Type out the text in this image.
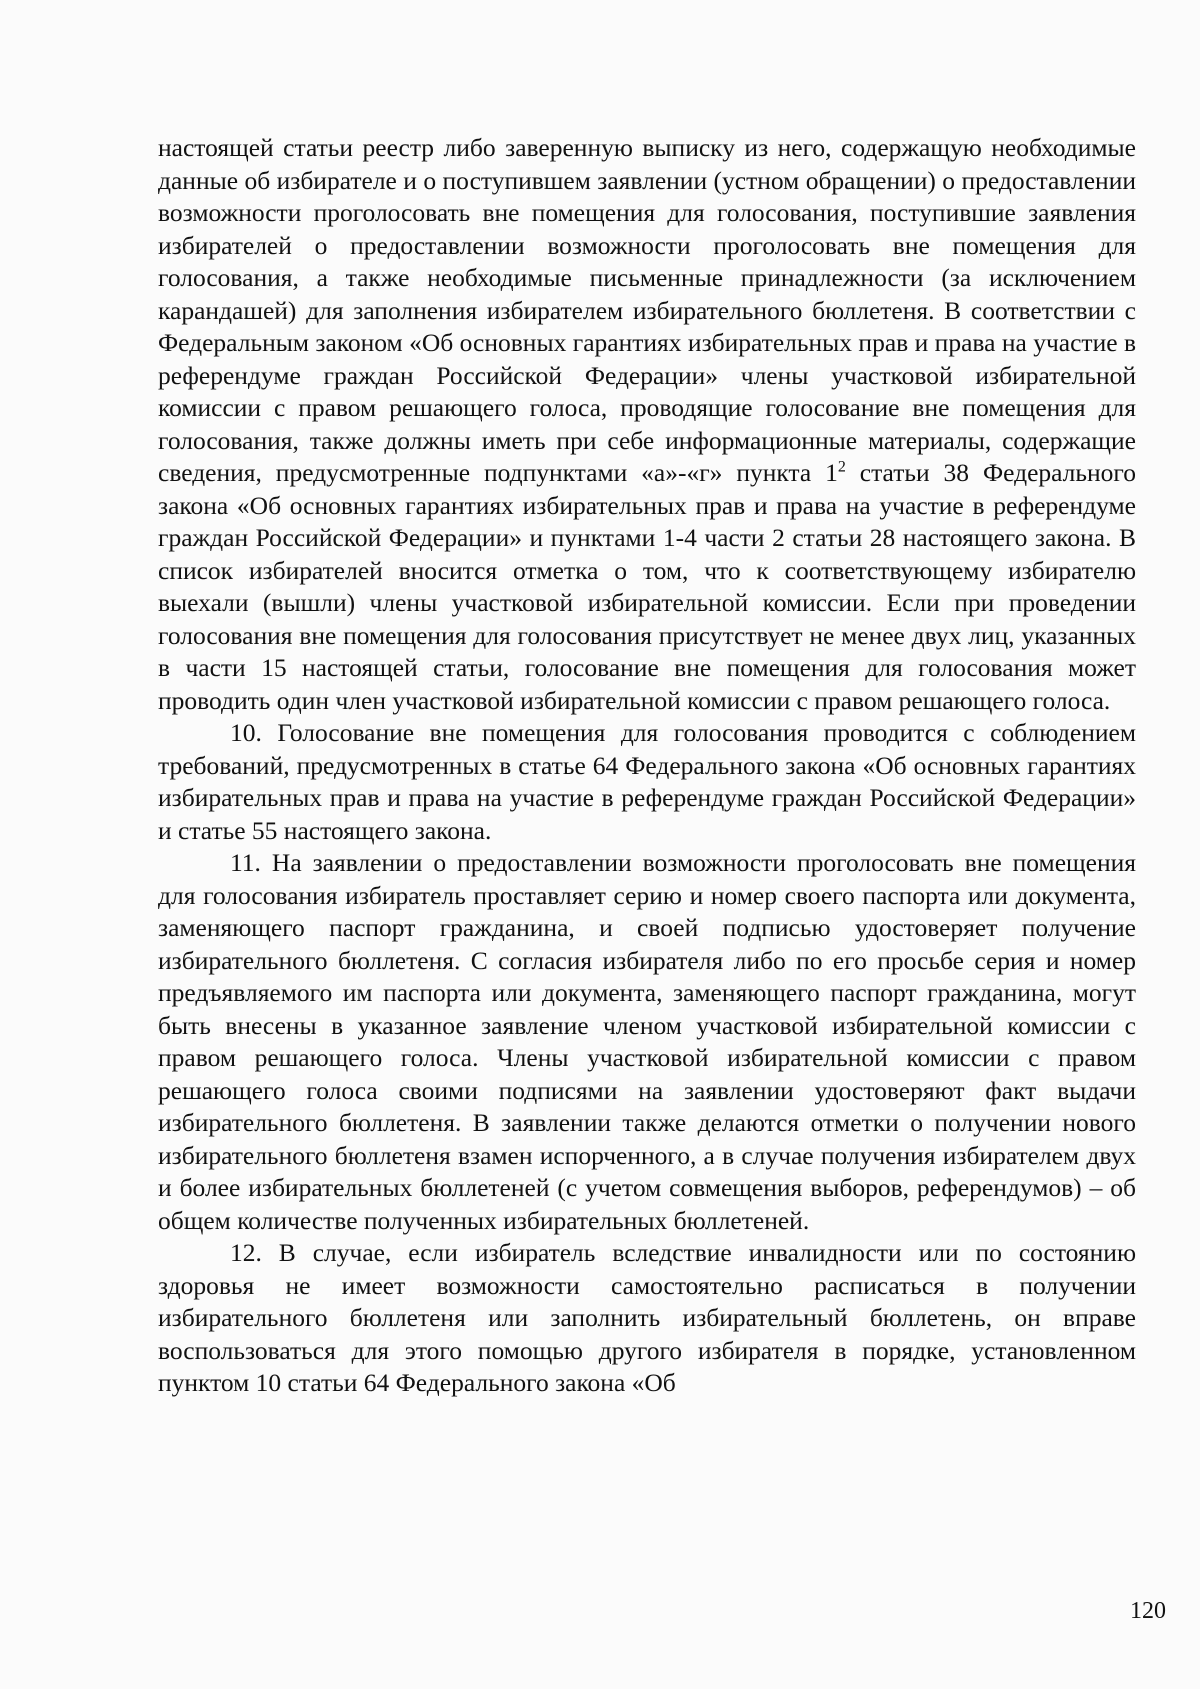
настоящей статьи реестр либо заверенную выписку из него, содержащую необходимые данные об избирателе и о поступившем заявлении (устном обращении) о предоставлении возможности проголосовать вне помещения для голосования, поступившие заявления избирателей о предоставлении возможности проголосовать вне помещения для голосования, а также необходимые письменные принадлежности (за исключением карандашей) для заполнения избирателем избирательного бюллетеня. В соответствии с Федеральным законом «Об основных гарантиях избирательных прав и права на участие в референдуме граждан Российской Федерации» члены участковой избирательной комиссии с правом решающего голоса, проводящие голосование вне помещения для голосования, также должны иметь при себе информационные материалы, содержащие сведения, предусмотренные подпунктами «а»-«г» пункта $1^2$ статьи 38 Федерального закона «Об основных гарантиях избирательных прав и права на участие в референдуме граждан Российской Федерации» и пунктами 1-4 части 2 статьи 28 настоящего закона. В список избирателей вносится отметка о том, что к соответствующему избирателю выехали (вышли) члены участковой избирательной комиссии. Если при проведении голосования вне помещения для голосования присутствует не менее двух лиц, указанных в части 15 настоящей статьи, голосование вне помещения для голосования может проводить один член участковой избирательной комиссии с правом решающего голоса.

10. Голосование вне помещения для голосования проводится с соблюдением требований, предусмотренных в статье 64 Федерального закона «Об основных гарантиях избирательных прав и права на участие в референдуме граждан Российской Федерации» и статье 55 настоящего закона.

11. На заявлении о предоставлении возможности проголосовать вне помещения для голосования избиратель проставляет серию и номер своего паспорта или документа, заменяющего паспорт гражданина, и своей подписью удостоверяет получение избирательного бюллетеня. С согласия избирателя либо по его просьбе серия и номер предъявляемого им паспорта или документа, заменяющего паспорт гражданина, могут быть внесены в указанное заявление членом участковой избирательной комиссии с правом решающего голоса. Члены участковой избирательной комиссии с правом решающего голоса своими подписями на заявлении удостоверяют факт выдачи избирательного бюллетеня. В заявлении также делаются отметки о получении нового избирательного бюллетеня взамен испорченного, а в случае получения избирателем двух и более избирательных бюллетеней (с учетом совмещения выборов, референдумов) – об общем количестве полученных избирательных бюллетеней.

12. В случае, если избиратель вследствие инвалидности или по состоянию здоровья не имеет возможности самостоятельно расписаться в получении избирательного бюллетеня или заполнить избирательный бюллетень, он вправе воспользоваться для этого помощью другого избирателя в порядке, установленном пунктом 10 статьи 64 Федерального закона «Об

120
